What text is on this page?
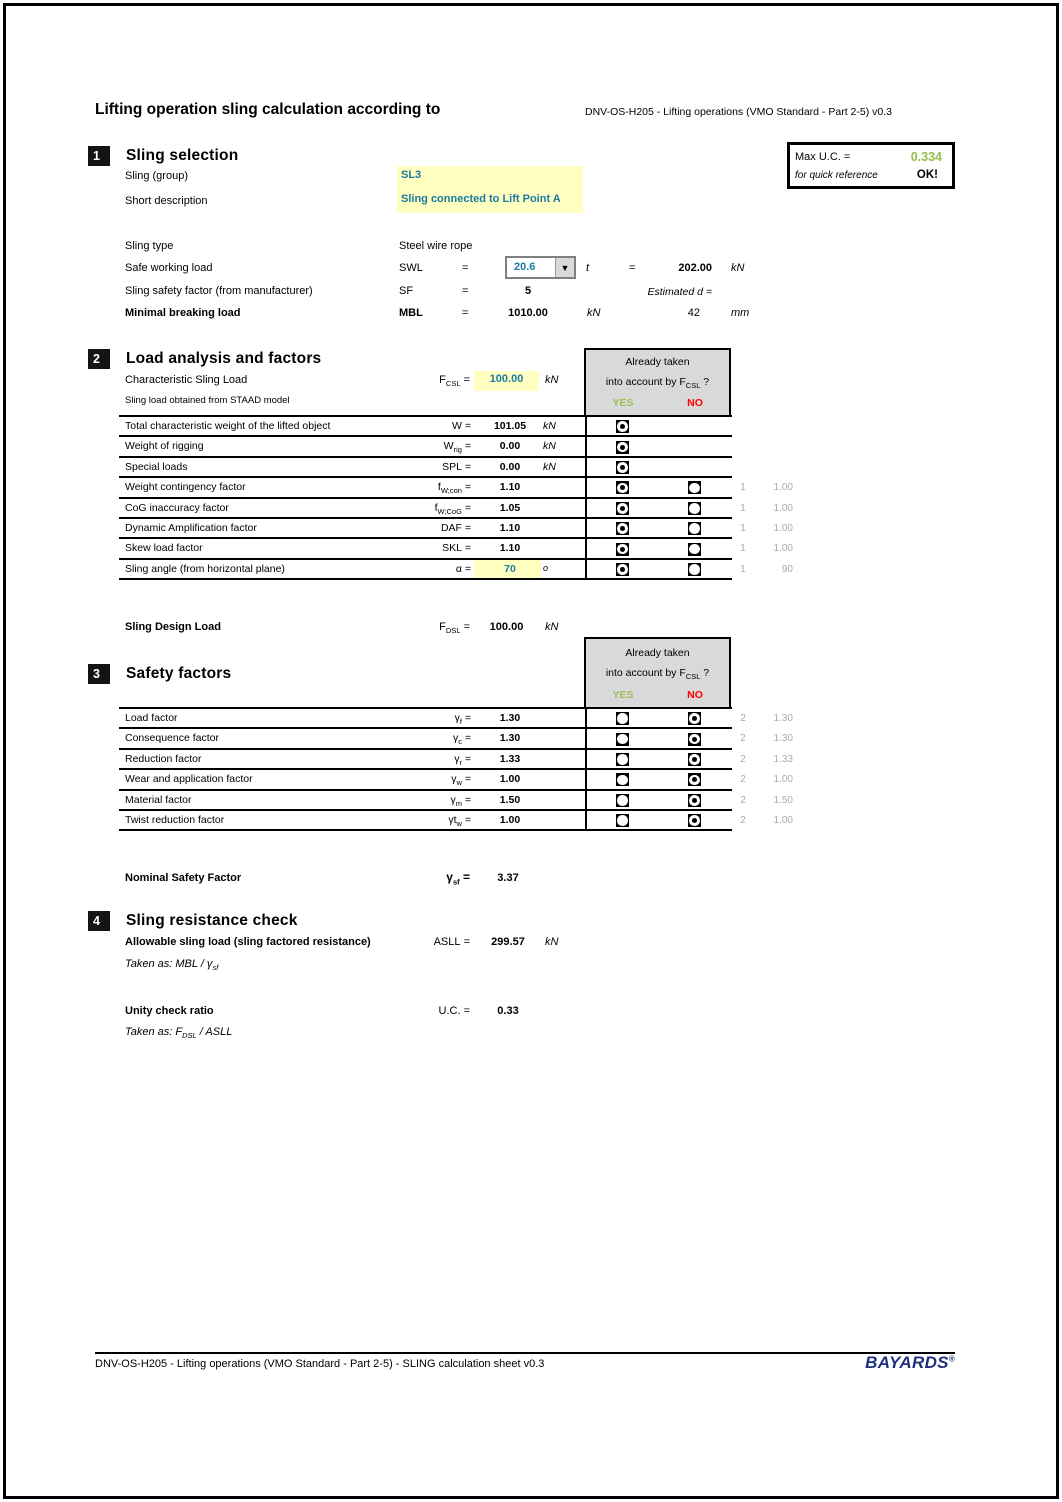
Lifting operation sling calculation according to	DNV-OS-H205 - Lifting operations (VMO Standard - Part 2-5) v0.3
1	Sling selection	Max U.C. =	0.334
for quick reference	OK!
Sling (group)	SL3
Short description	Sling connected to Lift Point A
Sling type	Steel wire rope
Safe working load	SWL	=	20.6	▼	t	=	202.00 kN
Sling safety factor (from manufacturer)	SF	=	5	Estimated d =
Minimal breaking load	MBL	=	1010.00	kN	42	mm
2	Load analysis and factors	Already taken
into account by $F_{CSL}$ ?
YES	NO
Characteristic Sling Load	$F_{CSL}$ =	100.00	kN
Sling load obtained from STAAD model
Total characteristic weight of the lifted object	W =	101.05	kN
Weight of rigging	$W_{rig}$ =	0.00	kN
Special loads	SPL =	0.00	kN
Weight contingency factor	$f_{W;con}$ =	1.10	1	1.00
CoG inaccuracy factor	$f_{W;CoG}$ =	1.05	1	1.00
Dynamic Amplification factor	DAF =	1.10	1	1.00
Skew load factor	SKL =	1.10	1	1.00
Sling angle (from horizontal plane)	α =	70	o	1	90
Sling Design Load	$F_{DSL}$ =	100.00	kN
Already taken
into account by $F_{CSL}$ ?
YES	NO
3	Safety factors
Load factor	$\gamma_f$ =	1.30	2	1.30
Consequence factor	$\gamma_c$ =	1.30	2	1.30
Reduction factor	$\gamma_r$ =	1.33	2	1.33
Wear and application factor	$\gamma_w$ =	1.00	2	1.00
Material factor	$\gamma_m$ =	1.50	2	1.50
Twist reduction factor	$\gamma t_w$ =	1.00	2	1.00
Nominal Safety Factor	$\gamma_{sf}$ =	3.37
4	Sling resistance check
Allowable sling load (sling factored resistance)	ASLL =	299.57	kN
Taken as: MBL / $\gamma_{sf}$
Unity check ratio	U.C. =	0.33
Taken as: $F_{DSL}$ / ASLL
DNV-OS-H205 - Lifting operations (VMO Standard - Part 2-5) - SLING calculation sheet v0.3	BAYARDS®
